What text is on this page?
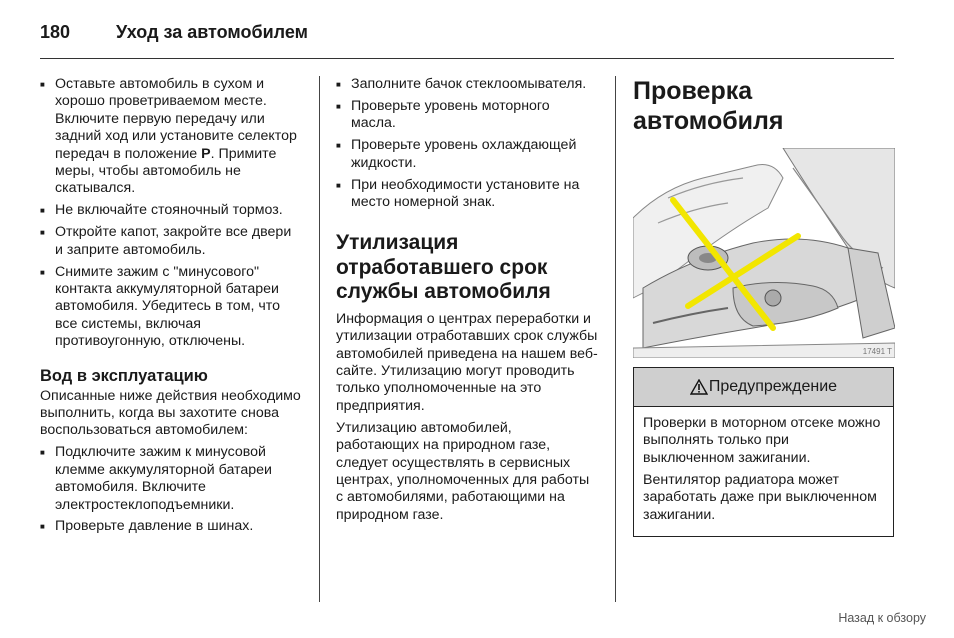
180	Уход за автомобилем
■ Оставьте автомобиль в сухом и хорошо проветриваемом месте. Включите первую передачу или задний ход или установите селектор передач в положение P. Примите меры, чтобы автомобиль не скатывался.
■ Не включайте стояночный тормоз.
■ Откройте капот, закройте все двери и заприте автомобиль.
■ Снимите зажим с "минусового" контакта аккумуляторной батареи автомобиля. Убедитесь в том, что все системы, включая противоугонную, отключены.
Вод в эксплуатацию

Описанные ниже действия необходимо выполнить, когда вы захотите снова воспользоваться автомобилем:

■ Подключите зажим к минусовой клемме аккумуляторной батареи автомобиля. Включите электростеклоподъемники.
■ Проверьте давление в шинах.
■ Заполните бачок стеклоомывателя.
■ Проверьте уровень моторного масла.
■ Проверьте уровень охлаждающей жидкости.
■ При необходимости установите на место номерной знак.
Утилизация отработавшего срок службы автомобиля

Информация о центрах переработки и утилизации отработавших срок службы автомобилей приведена на нашем веб-сайте. Утилизацию могут проводить только уполномоченные на это предприятия.

Утилизацию автомобилей, работающих на природном газе, следует осуществлять в сервисных центрах, уполномоченных для работы с автомобилями, работающими на природном газе.

Проверка автомобиля
17491 T
Предупреждение

Проверки в моторном отсеке можно выполнять только при выключенном зажигании.

Вентилятор радиатора может заработать даже при выключенном зажигании.

Назад к обзору
